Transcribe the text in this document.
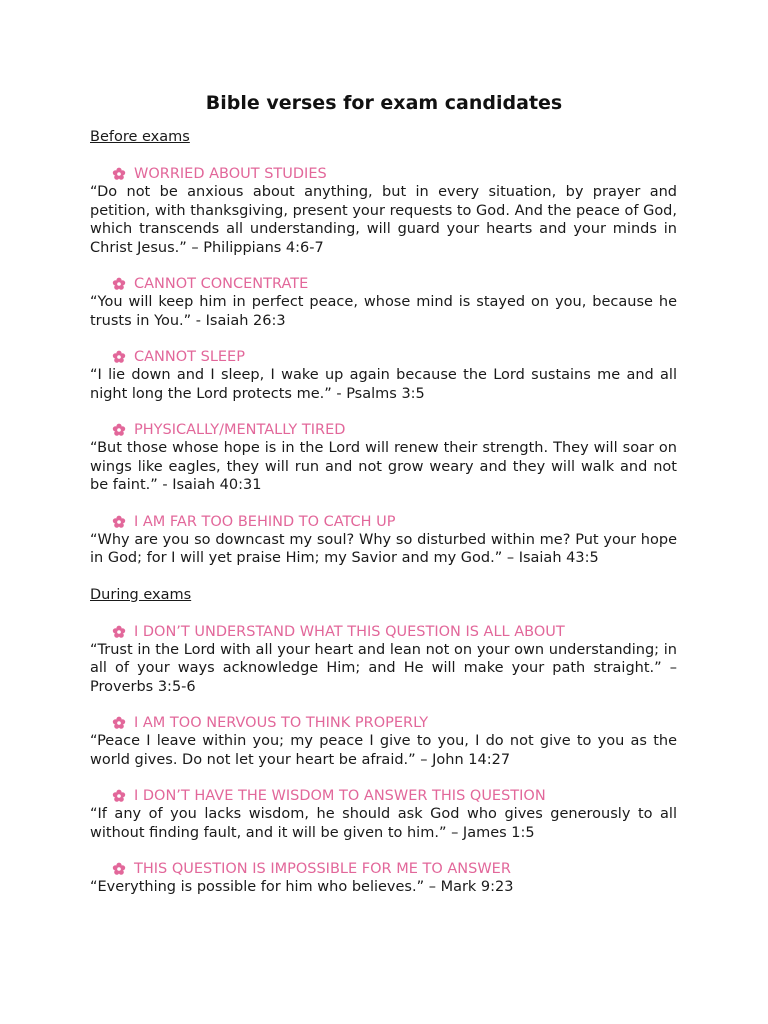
Bible verses for exam candidates

Before exams

WORRIED ABOUT STUDIES

“Do not be anxious about anything, but in every situation, by prayer and petition, with thanksgiving, present your requests to God. And the peace of God, which transcends all understanding, will guard your hearts and your minds in Christ Jesus.” – Philippians 4:6-7

CANNOT CONCENTRATE

“You will keep him in perfect peace, whose mind is stayed on you, because he trusts in You.” - Isaiah 26:3

CANNOT SLEEP

“I lie down and I sleep, I wake up again because the Lord sustains me and all night long the Lord protects me.” - Psalms 3:5

PHYSICALLY/MENTALLY TIRED

“But those whose hope is in the Lord will renew their strength. They will soar on wings like eagles, they will run and not grow weary and they will walk and not be faint.” - Isaiah 40:31

I AM FAR TOO BEHIND TO CATCH UP

“Why are you so downcast my soul? Why so disturbed within me? Put your hope in God; for I will yet praise Him; my Savior and my God.” – Isaiah 43:5

During exams

I DON’T UNDERSTAND WHAT THIS QUESTION IS ALL ABOUT

“Trust in the Lord with all your heart and lean not on your own understanding; in all of your ways acknowledge Him; and He will make your path straight.” – Proverbs 3:5-6

I AM TOO NERVOUS TO THINK PROPERLY

“Peace I leave within you; my peace I give to you, I do not give to you as the world gives. Do not let your heart be afraid.” – John 14:27

I DON’T HAVE THE WISDOM TO ANSWER THIS QUESTION

“If any of you lacks wisdom, he should ask God who gives generously to all without finding fault, and it will be given to him.” – James 1:5

THIS QUESTION IS IMPOSSIBLE FOR ME TO ANSWER

“Everything is possible for him who believes.” – Mark 9:23
